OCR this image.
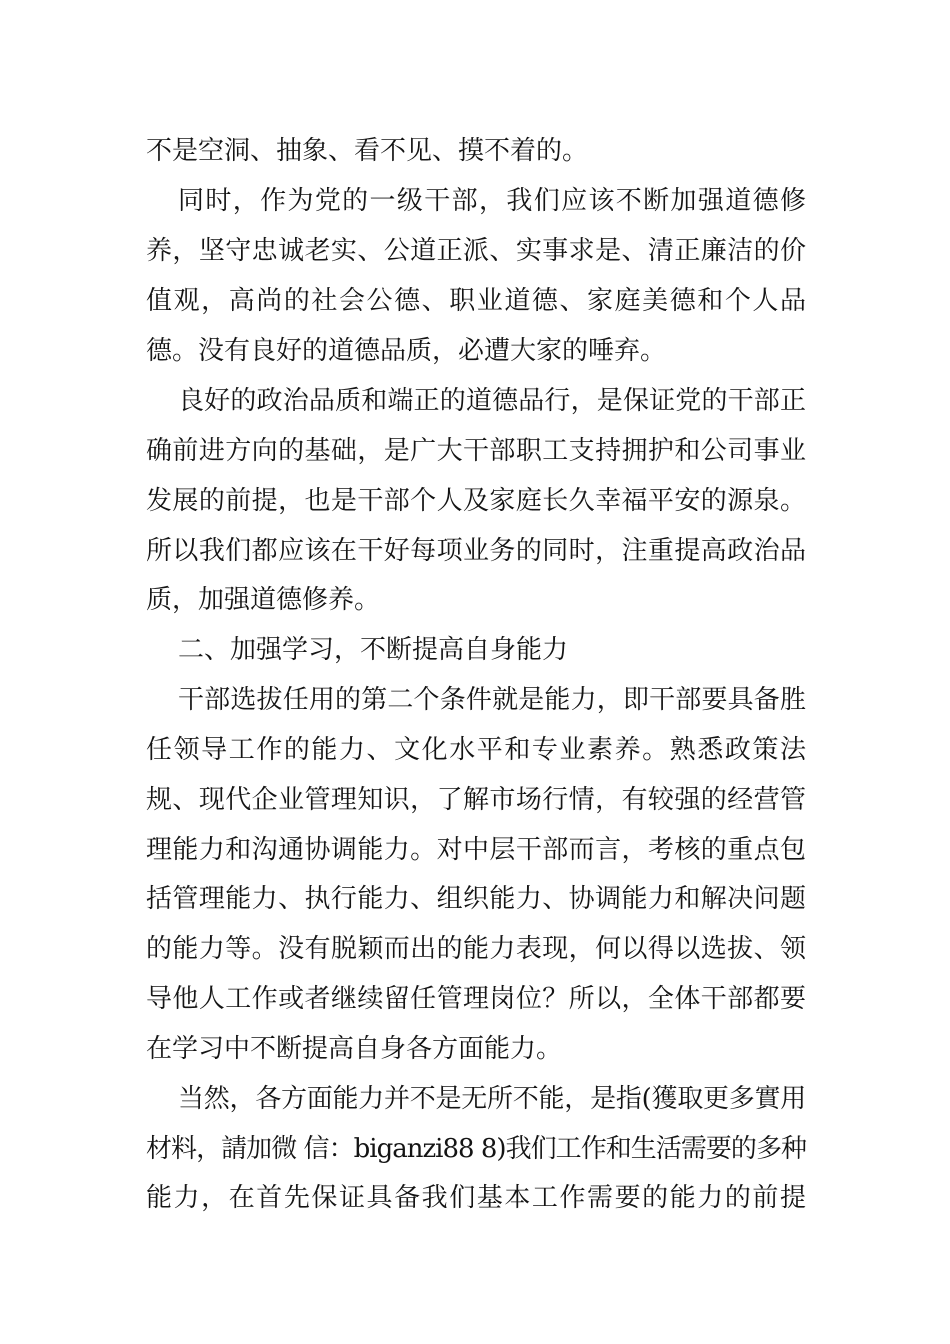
不是空洞、抽象、看不见、摸不着的。
同时，作为党的一级干部，我们应该不断加强道德修
养，坚守忠诚老实、公道正派、实事求是、清正廉洁的价
值观，高尚的社会公德、职业道德、家庭美德和个人品
德。没有良好的道德品质，必遭大家的唾弃。
良好的政治品质和端正的道德品行，是保证党的干部正
确前进方向的基础，是广大干部职工支持拥护和公司事业
发展的前提，也是干部个人及家庭长久幸福平安的源泉。
所以我们都应该在干好每项业务的同时，注重提高政治品
质，加强道德修养。
二、加强学习，不断提高自身能力
干部选拔任用的第二个条件就是能力，即干部要具备胜
任领导工作的能力、文化水平和专业素养。熟悉政策法
规、现代企业管理知识，了解市场行情，有较强的经营管
理能力和沟通协调能力。对中层干部而言，考核的重点包
括管理能力、执行能力、组织能力、协调能力和解决问题
的能力等。没有脱颖而出的能力表现，何以得以选拔、领
导他人工作或者继续留任管理岗位？所以，全体干部都要
在学习中不断提高自身各方面能力。
当然，各方面能力并不是无所不能，是指(獲取更多實用
材料，請加微 信：biganzi88 8)我们工作和生活需要的多种
能力，在首先保证具备我们基本工作需要的能力的前提
